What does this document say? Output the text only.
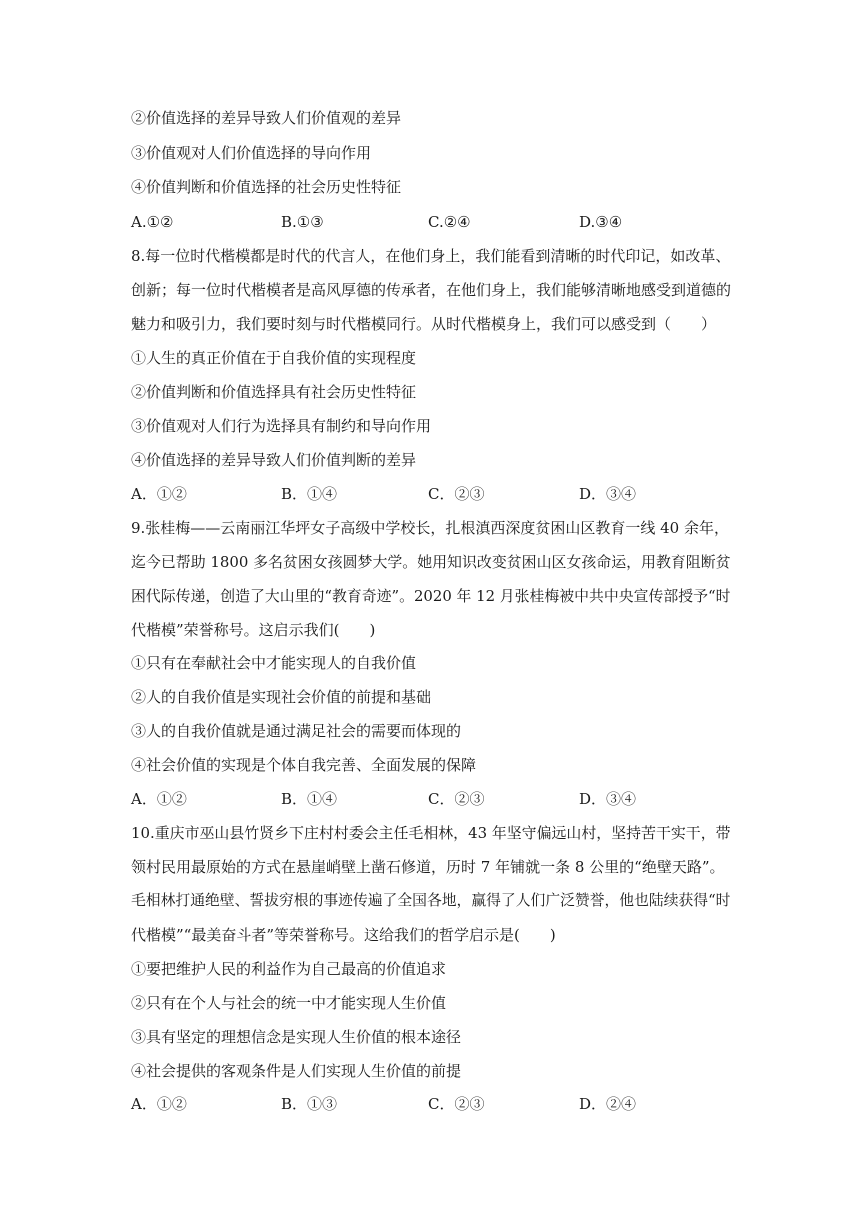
②价值选择的差异导致人们价值观的差异
③价值观对人们价值选择的导向作用
④价值判断和价值选择的社会历史性特征
A.①②	B.①③	C.②④	D.③④
8.每一位时代楷模都是时代的代言人，在他们身上，我们能看到清晰的时代印记，如改革、
创新；每一位时代楷模者是高风厚德的传承者，在他们身上，我们能够清晰地感受到道德的
魅力和吸引力，我们要时刻与时代楷模同行。从时代楷模身上，我们可以感受到（　　）
①人生的真正价值在于自我价值的实现程度
②价值判断和价值选择具有社会历史性特征
③价值观对人们行为选择具有制约和导向作用
④价值选择的差异导致人们价值判断的差异
A．①②	B．①④	C．②③	D．③④
9.张桂梅——云南丽江华坪女子高级中学校长，扎根滇西深度贫困山区教育一线 40 余年，
迄今已帮助 1800 多名贫困女孩圆梦大学。她用知识改变贫困山区女孩命运，用教育阻断贫
困代际传递，创造了大山里的“教育奇迹”。2020 年 12 月张桂梅被中共中央宣传部授予“时
代楷模”荣誉称号。这启示我们(　　)
①只有在奉献社会中才能实现人的自我价值
②人的自我价值是实现社会价值的前提和基础
③人的自我价值就是通过满足社会的需要而体现的
④社会价值的实现是个体自我完善、全面发展的保障
A．①②	B．①④	C．②③	D．③④
10.重庆市巫山县竹贤乡下庄村村委会主任毛相林，43 年坚守偏远山村，坚持苦干实干，带
领村民用最原始的方式在悬崖峭壁上凿石修道，历时 7 年铺就一条 8 公里的“绝壁天路”。
毛相林打通绝壁、誓拔穷根的事迹传遍了全国各地，赢得了人们广泛赞誉，他也陆续获得“时
代楷模”“最美奋斗者”等荣誉称号。这给我们的哲学启示是(　　)
①要把维护人民的利益作为自己最高的价值追求
②只有在个人与社会的统一中才能实现人生价值
③具有坚定的理想信念是实现人生价值的根本途径
④社会提供的客观条件是人们实现人生价值的前提
A．①②	B．①③	C．②③	D．②④
